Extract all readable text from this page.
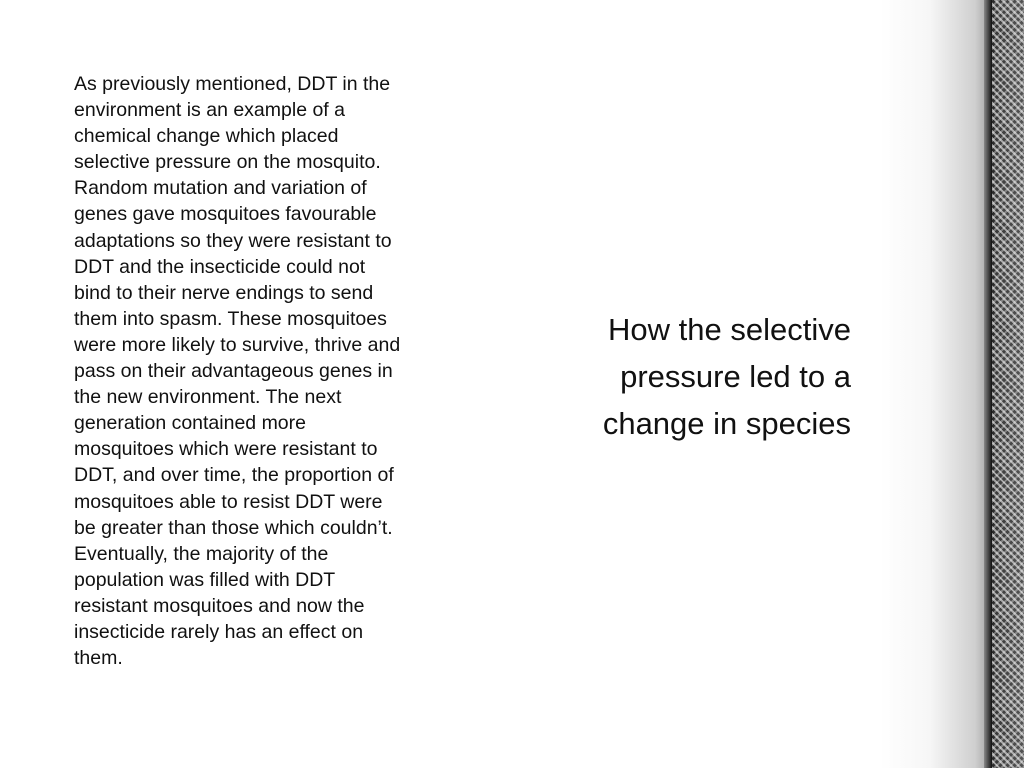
As previously mentioned, DDT in the
environment is an example of a
chemical change which placed
selective pressure on the mosquito.
Random mutation and variation of
genes gave mosquitoes favourable
adaptations so they were resistant to
DDT and the insecticide could not
bind to their nerve endings to send
them into spasm. These mosquitoes
were more likely to survive, thrive and
pass on their advantageous genes in
the new environment. The next
generation contained more
mosquitoes which were resistant to
DDT, and over time, the proportion of
mosquitoes able to resist DDT were
be greater than those which couldn’t.
Eventually, the majority of the
population was filled with DDT
resistant mosquitoes and now the
insecticide rarely has an effect on
them.

How the selective
pressure led to a
change in species
